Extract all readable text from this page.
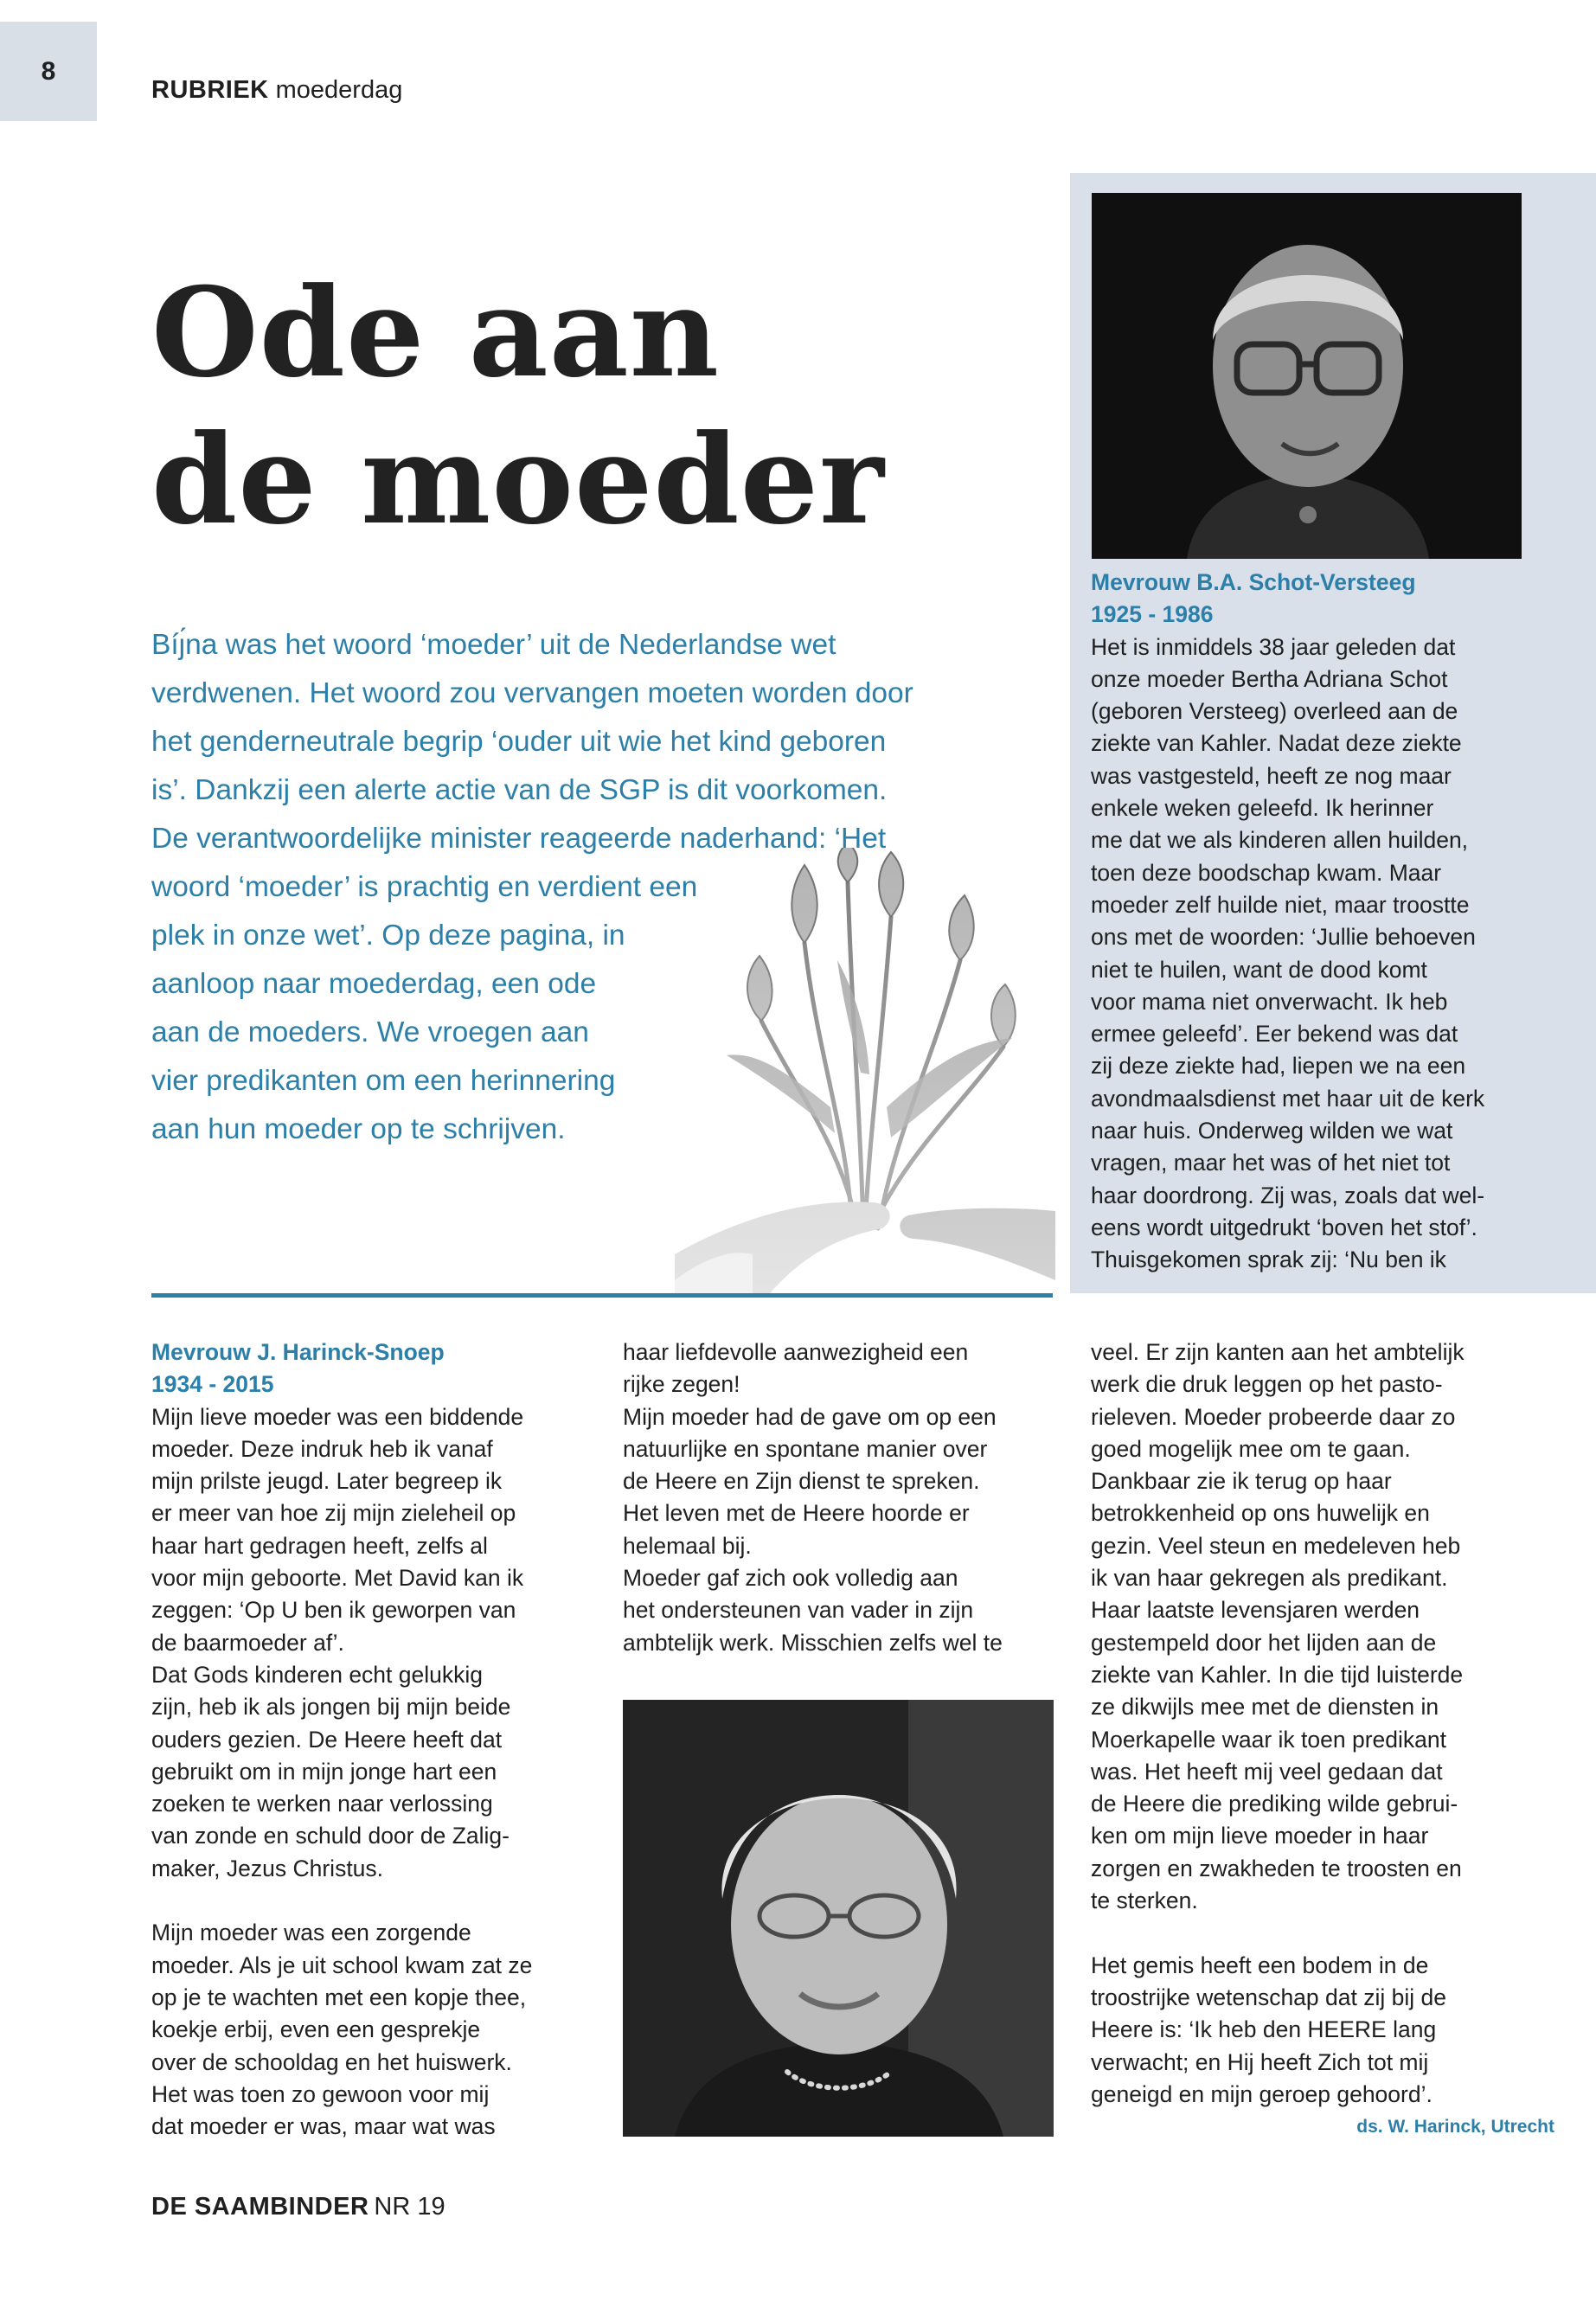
8
RUBRIEK moederdag
Ode aan
de moeder
Bíȷ́na was het woord ‘moeder’ uit de Nederlandse wet
verdwenen. Het woord zou vervangen moeten worden door
het genderneutrale begrip ‘ouder uit wie het kind geboren
is’. Dankzij een alerte actie van de SGP is dit voorkomen.
De verantwoordelijke minister reageerde naderhand: ‘Het
woord ‘moeder’ is prachtig en verdient een
plek in onze wet’. Op deze pagina, in
aanloop naar moederdag, een ode
aan de moeders. We vroegen aan
vier predikanten om een herinnering
aan hun moeder op te schrijven.
Mevrouw B.A. Schot-Versteeg
1925 - 1986
Het is inmiddels 38 jaar geleden dat
onze moeder Bertha Adriana Schot
(geboren Versteeg) overleed aan de
ziekte van Kahler. Nadat deze ziekte
was vastgesteld, heeft ze nog maar
enkele weken geleefd. Ik herinner
me dat we als kinderen allen huilden,
toen deze boodschap kwam. Maar
moeder zelf huilde niet, maar troostte
ons met de woorden: ‘Jullie behoeven
niet te huilen, want de dood komt
voor mama niet onverwacht. Ik heb
ermee geleefd’. Eer bekend was dat
zij deze ziekte had, liepen we na een
avondmaalsdienst met haar uit de kerk
naar huis. Onderweg wilden we wat
vragen, maar het was of het niet tot
haar doordrong. Zij was, zoals dat wel-
eens wordt uitgedrukt ‘boven het stof’.
Thuisgekomen sprak zij: ‘Nu ben ik
Mevrouw J. Harinck-Snoep
1934 - 2015
Mijn lieve moeder was een biddende
moeder. Deze indruk heb ik vanaf
mijn prilste jeugd. Later begreep ik
er meer van hoe zij mijn zieleheil op
haar hart gedragen heeft, zelfs al
voor mijn geboorte. Met David kan ik
zeggen: ‘Op U ben ik geworpen van
de baarmoeder af’.
Dat Gods kinderen echt gelukkig
zijn, heb ik als jongen bij mijn beide
ouders gezien. De Heere heeft dat
gebruikt om in mijn jonge hart een
zoeken te werken naar verlossing
van zonde en schuld door de Zalig-
maker, Jezus Christus.
Mijn moeder was een zorgende
moeder. Als je uit school kwam zat ze
op je te wachten met een kopje thee,
koekje erbij, even een gesprekje
over de schooldag en het huiswerk.
Het was toen zo gewoon voor mij
dat moeder er was, maar wat was
haar liefdevolle aanwezigheid een
rijke zegen!
Mijn moeder had de gave om op een
natuurlijke en spontane manier over
de Heere en Zijn dienst te spreken.
Het leven met de Heere hoorde er
helemaal bij.
Moeder gaf zich ook volledig aan
het ondersteunen van vader in zijn
ambtelijk werk. Misschien zelfs wel te
veel. Er zijn kanten aan het ambtelijk
werk die druk leggen op het pasto-
rieleven. Moeder probeerde daar zo
goed mogelijk mee om te gaan.
Dankbaar zie ik terug op haar
betrokkenheid op ons huwelijk en
gezin. Veel steun en medeleven heb
ik van haar gekregen als predikant.
Haar laatste levensjaren werden
gestempeld door het lijden aan de
ziekte van Kahler. In die tijd luisterde
ze dikwijls mee met de diensten in
Moerkapelle waar ik toen predikant
was. Het heeft mij veel gedaan dat
de Heere die prediking wilde gebrui-
ken om mijn lieve moeder in haar
zorgen en zwakheden te troosten en
te sterken.
Het gemis heeft een bodem in de
troostrijke wetenschap dat zij bij de
Heere is: ‘Ik heb den HEERE lang
verwacht; en Hij heeft Zich tot mij
geneigd en mijn geroep gehoord’.
ds. W. Harinck, Utrecht
DE SAAMBINDER NR 19
